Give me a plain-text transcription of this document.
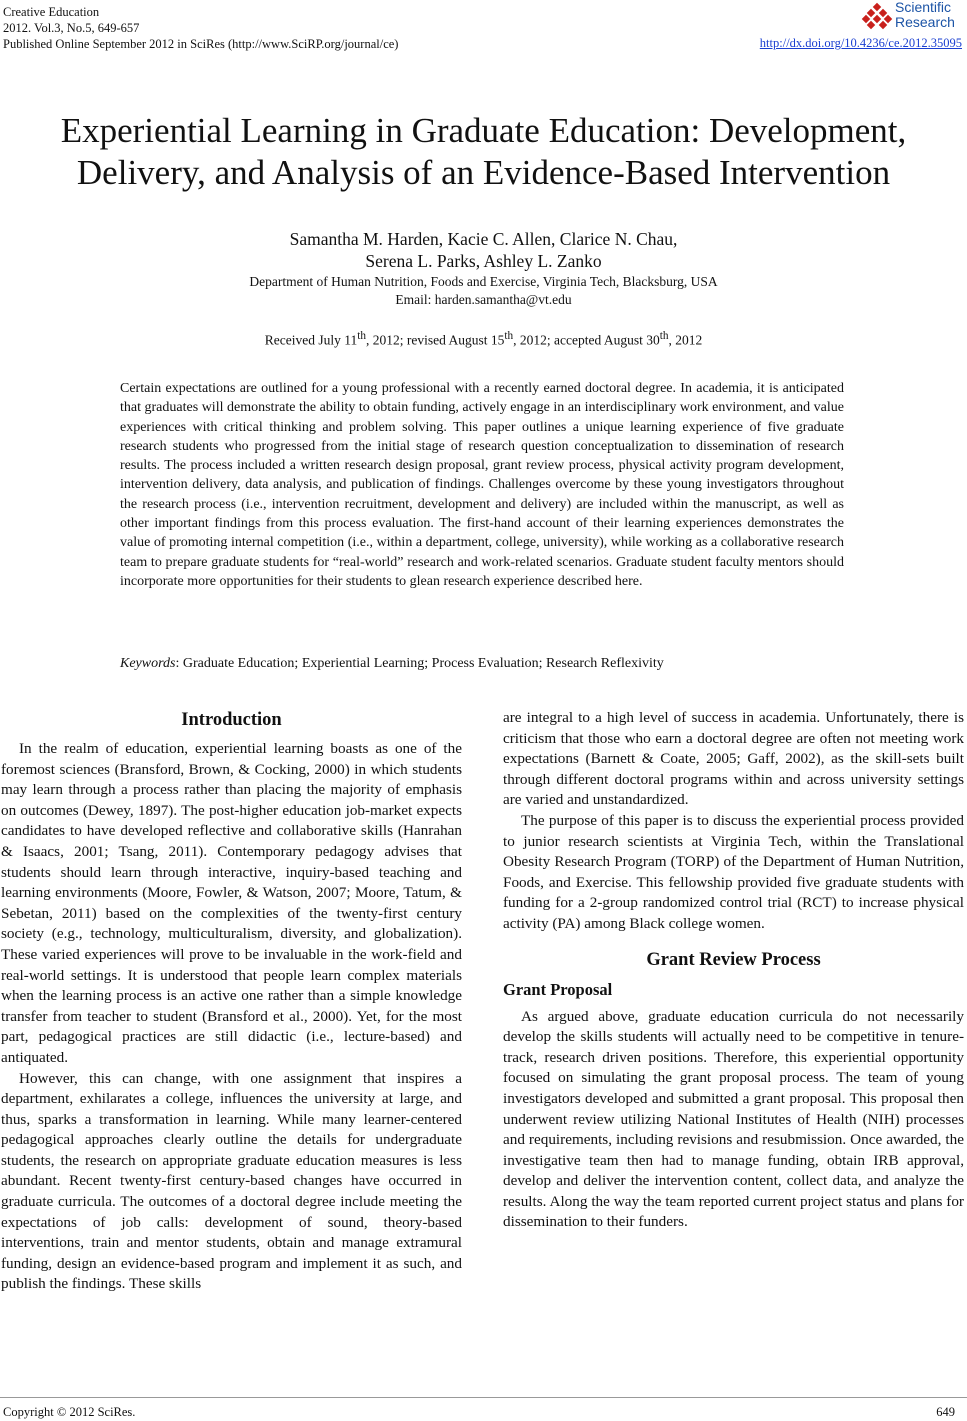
Creative Education
2012. Vol.3, No.5, 649-657
Published Online September 2012 in SciRes (http://www.SciRP.org/journal/ce)
Scientific
Research
http://dx.doi.org/10.4236/ce.2012.35095
Experiential Learning in Graduate Education: Development,
Delivery, and Analysis of an Evidence-Based Intervention
Samantha M. Harden, Kacie C. Allen, Clarice N. Chau,
Serena L. Parks, Ashley L. Zanko
Department of Human Nutrition, Foods and Exercise, Virginia Tech, Blacksburg, USA
Email: harden.samantha@vt.edu
Received July 11th, 2012; revised August 15th, 2012; accepted August 30th, 2012
Certain expectations are outlined for a young professional with a recently earned doctoral degree. In academia, it is anticipated that graduates will demonstrate the ability to obtain funding, actively engage in an interdisciplinary work environment, and value experiences with critical thinking and problem solving. This paper outlines a unique learning experience of five graduate research students who progressed from the initial stage of research question conceptualization to dissemination of research results. The process included a written research design proposal, grant review process, physical activity program development, intervention delivery, data analysis, and publication of findings. Challenges overcome by these young investigators throughout the research process (i.e., intervention recruitment, development and delivery) are included within the manuscript, as well as other important findings from this process evaluation. The first-hand account of their learning experiences demonstrates the value of promoting internal competition (i.e., within a department, college, university), while working as a collaborative research team to prepare graduate students for “real-world” research and work-related scenarios. Graduate student faculty mentors should incorporate more opportunities for their students to glean research experience described here.
Keywords: Graduate Education; Experiential Learning; Process Evaluation; Research Reflexivity
Introduction

In the realm of education, experiential learning boasts as one of the foremost sciences (Bransford, Brown, & Cocking, 2000) in which students may learn through a process rather than placing the majority of emphasis on outcomes (Dewey, 1897). The post-higher education job-market expects candidates to have developed reflective and collaborative skills (Hanrahan & Isaacs, 2001; Tsang, 2011). Contemporary pedagogy advises that students should learn through interactive, inquiry-based teaching and learning environments (Moore, Fowler, & Watson, 2007; Moore, Tatum, & Sebetan, 2011) based on the complexities of the twenty-first century society (e.g., technology, multiculturalism, diversity, and globalization). These varied experiences will prove to be invaluable in the work-field and real-world settings. It is understood that people learn complex materials when the learning process is an active one rather than a simple knowledge transfer from teacher to student (Bransford et al., 2000). Yet, for the most part, pedagogical practices are still didactic (i.e., lecture-based) and antiquated.

However, this can change, with one assignment that inspires a department, exhilarates a college, influences the university at large, and thus, sparks a transformation in learning. While many learner-centered pedagogical approaches clearly outline the details for undergraduate students, the research on appropriate graduate education measures is less abundant. Recent twenty-first century-based changes have occurred in graduate curricula. The outcomes of a doctoral degree include meeting the expectations of job calls: development of sound, theory-based interventions, train and mentor students, obtain and manage extramural funding, design an evidence-based program and implement it as such, and publish the findings. These skills

are integral to a high level of success in academia. Unfortunately, there is criticism that those who earn a doctoral degree are often not meeting work expectations (Barnett & Coate, 2005; Gaff, 2002), as the skill-sets built through different doctoral programs within and across university settings are varied and unstandardized.

The purpose of this paper is to discuss the experiential process provided to junior research scientists at Virginia Tech, within the Translational Obesity Research Program (TORP) of the Department of Human Nutrition, Foods, and Exercise. This fellowship provided five graduate students with funding for a 2-group randomized control trial (RCT) to increase physical activity (PA) among Black college women.

Grant Review Process
Grant Proposal

As argued above, graduate education curricula do not necessarily develop the skills students will actually need to be competitive in tenure-track, research driven positions. Therefore, this experiential opportunity focused on simulating the grant proposal process. The team of young investigators developed and submitted a grant proposal. This proposal then underwent review utilizing National Institutes of Health (NIH) processes and requirements, including revisions and resubmission. Once awarded, the investigative team then had to manage funding, obtain IRB approval, develop and deliver the intervention content, collect data, and analyze the results. Along the way the team reported current project status and plans for dissemination to their funders.

Copyright © 2012 SciRes.	649
